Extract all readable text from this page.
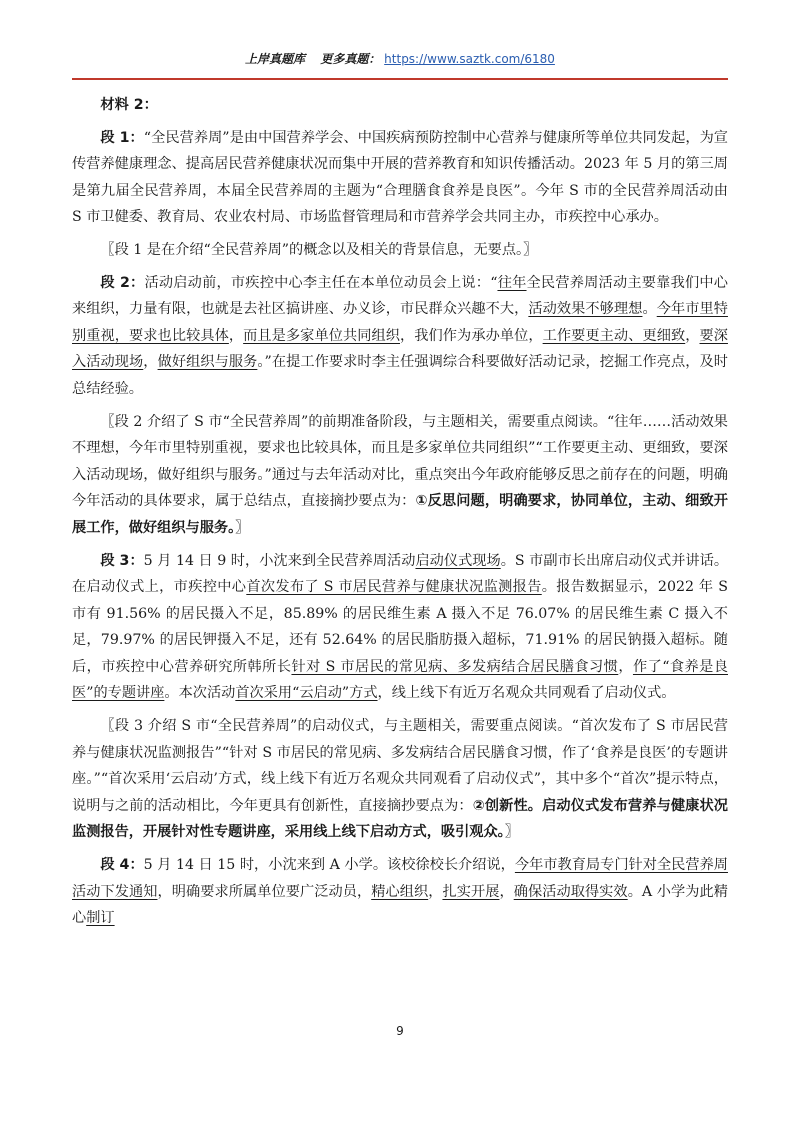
上岸真题库 更多真题： https://www.saztk.com/6180

材料 2：

段 1：“全民营养周”是由中国营养学会、中国疾病预防控制中心营养与健康所等单位共同发起，为宣传营养健康理念、提高居民营养健康状况而集中开展的营养教育和知识传播活动。2023 年 5 月的第三周是第九届全民营养周，本届全民营养周的主题为“合理膳食食养是良医”。今年 S 市的全民营养周活动由 S 市卫健委、教育局、农业农村局、市场监督管理局和市营养学会共同主办，市疾控中心承办。

〖段 1 是在介绍“全民营养周”的概念以及相关的背景信息，无要点。〗

段 2：活动启动前，市疾控中心李主任在本单位动员会上说：“往年全民营养周活动主要靠我们中心来组织，力量有限，也就是去社区搞讲座、办义诊，市民群众兴趣不大，活动效果不够理想。今年市里特别重视，要求也比较具体，而且是多家单位共同组织，我们作为承办单位，工作要更主动、更细致，要深入活动现场，做好组织与服务。”在提工作要求时李主任强调综合科要做好活动记录，挖掘工作亮点，及时总结经验。

〖段 2 介绍了 S 市“全民营养周”的前期准备阶段，与主题相关，需要重点阅读。“往年……活动效果不理想，今年市里特别重视，要求也比较具体，而且是多家单位共同组织”“工作要更主动、更细致，要深入活动现场，做好组织与服务。”通过与去年活动对比，重点突出今年政府能够反思之前存在的问题，明确今年活动的具体要求，属于总结点，直接摘抄要点为：①反思问题，明确要求，协同单位，主动、细致开展工作，做好组织与服务。〗

段 3：5 月 14 日 9 时，小沈来到全民营养周活动启动仪式现场。S 市副市长出席启动仪式并讲话。在启动仪式上，市疾控中心首次发布了 S 市居民营养与健康状况监测报告。报告数据显示，2022 年 S 市有 91.56% 的居民摄入不足，85.89% 的居民维生素 A 摄入不足 76.07% 的居民维生素 C 摄入不足，79.97% 的居民钾摄入不足，还有 52.64% 的居民脂肪摄入超标，71.91% 的居民钠摄入超标。随后，市疾控中心营养研究所韩所长针对 S 市居民的常见病、多发病结合居民膳食习惯，作了“食养是良医”的专题讲座。本次活动首次采用“云启动”方式，线上线下有近万名观众共同观看了启动仪式。

〖段 3 介绍 S 市“全民营养周”的启动仪式，与主题相关，需要重点阅读。“首次发布了 S 市居民营养与健康状况监测报告”“针对 S 市居民的常见病、多发病结合居民膳食习惯，作了‘食养是良医’的专题讲座。”“首次采用‘云启动’方式，线上线下有近万名观众共同观看了启动仪式”，其中多个“首次”提示特点，说明与之前的活动相比，今年更具有创新性，直接摘抄要点为：②创新性。启动仪式发布营养与健康状况监测报告，开展针对性专题讲座，采用线上线下启动方式，吸引观众。〗

段 4：5 月 14 日 15 时，小沈来到 A 小学。该校徐校长介绍说，今年市教育局专门针对全民营养周活动下发通知，明确要求所属单位要广泛动员，精心组织，扎实开展，确保活动取得实效。A 小学为此精心制订

9
